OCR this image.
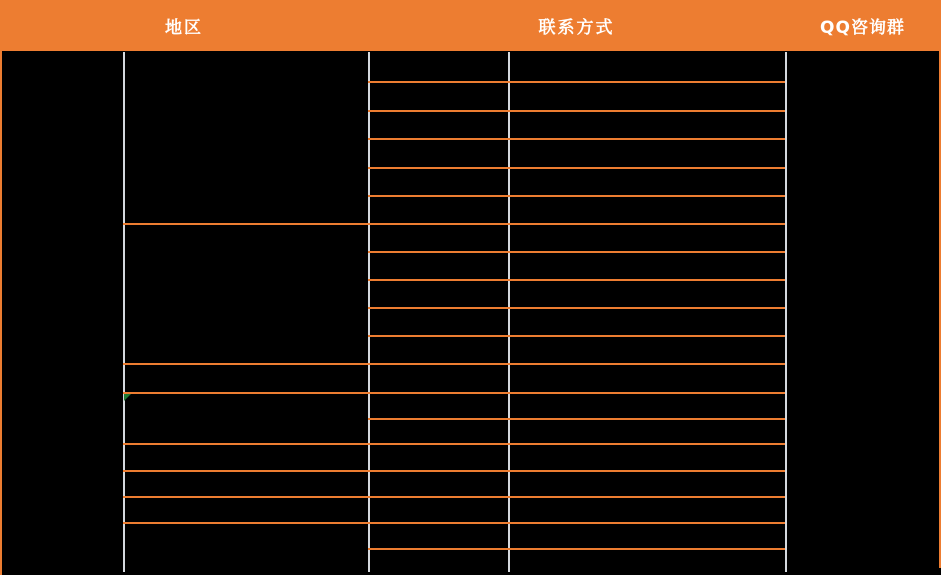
地区	联系方式	QQ咨询群
